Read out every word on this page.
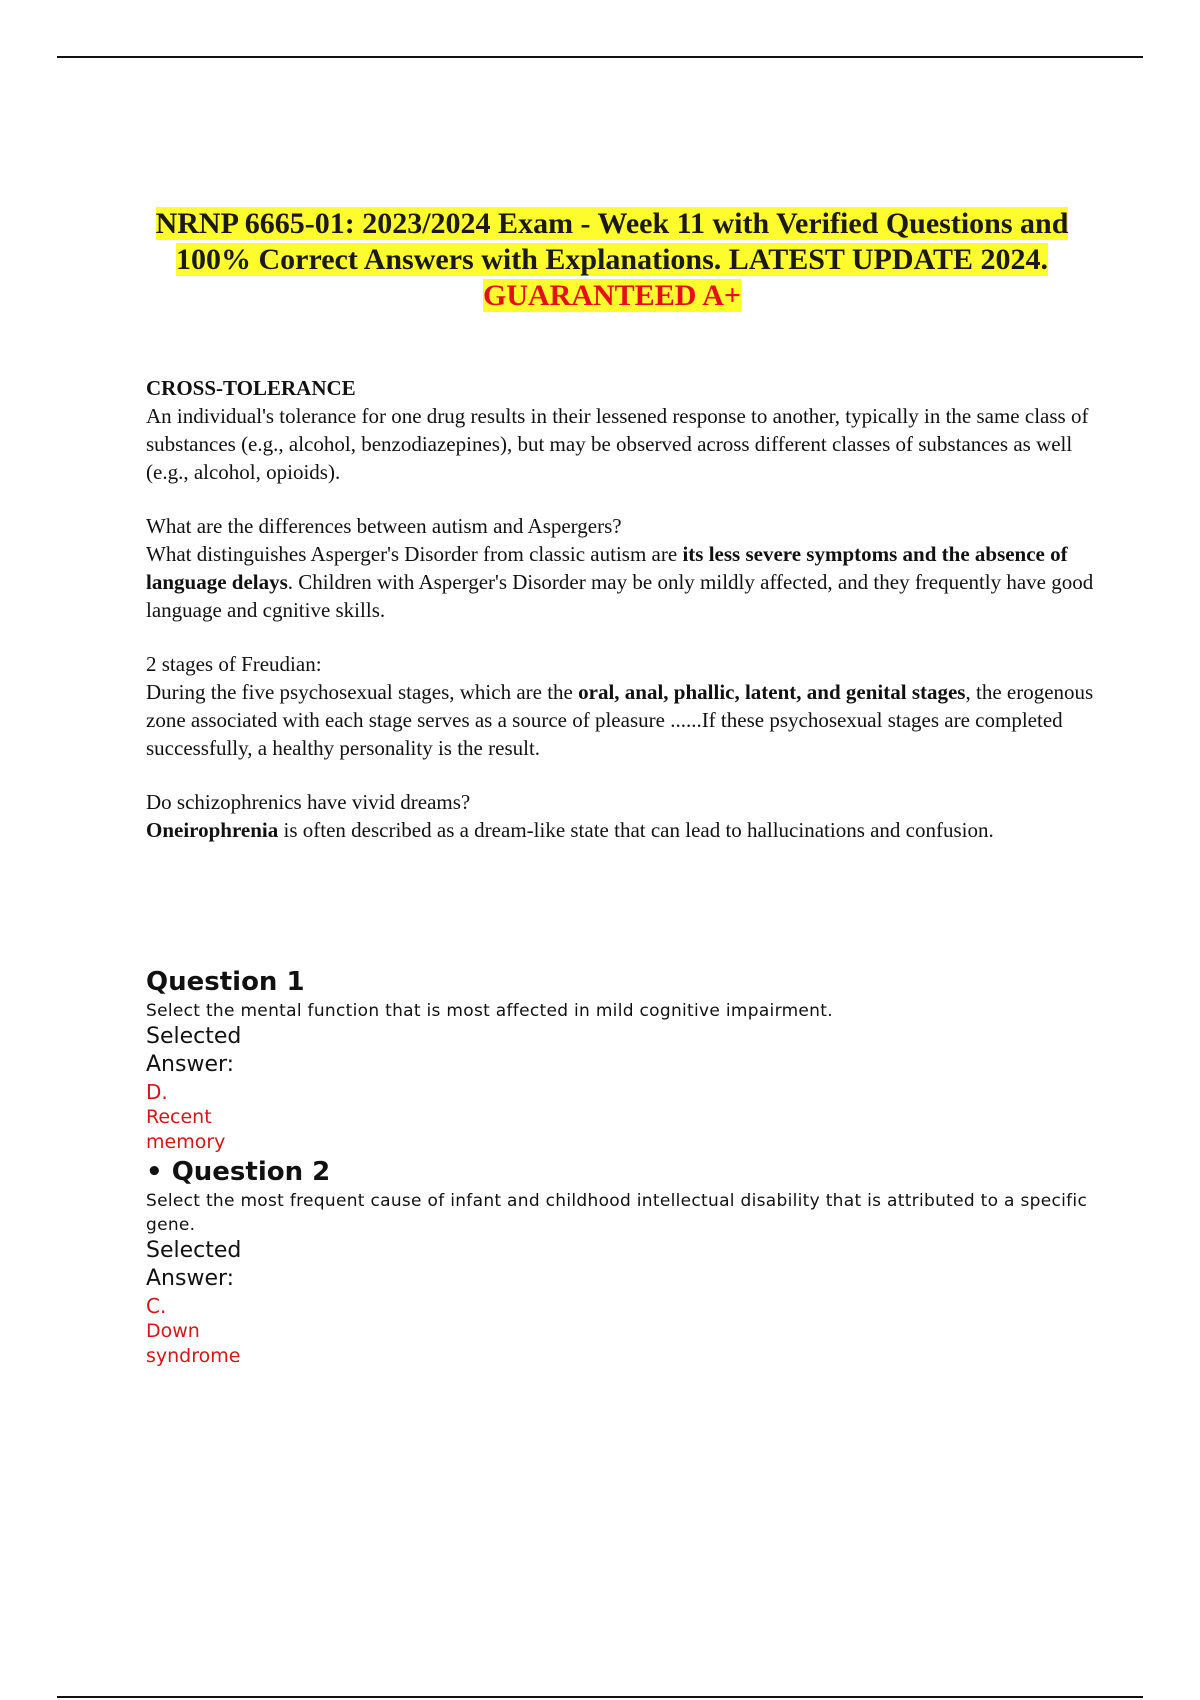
NRNP 6665-01: 2023/2024 Exam - Week 11 with Verified Questions and 100% Correct Answers with Explanations. LATEST UPDATE 2024. GUARANTEED A+

CROSS-TOLERANCE

An individual's tolerance for one drug results in their lessened response to another, typically in the same class of substances (e.g., alcohol, benzodiazepines), but may be observed across different classes of substances as well (e.g., alcohol, opioids).

What are the differences between autism and Aspergers?

What distinguishes Asperger's Disorder from classic autism are its less severe symptoms and the absence of language delays. Children with Asperger's Disorder may be only mildly affected, and they frequently have good language and cgnitive skills.

2 stages of Freudian:

During the five psychosexual stages, which are the oral, anal, phallic, latent, and genital stages, the erogenous zone associated with each stage serves as a source of pleasure ......If these psychosexual stages are completed successfully, a healthy personality is the result.

Do schizophrenics have vivid dreams?

Oneirophrenia is often described as a dream-like state that can lead to hallucinations and confusion.

Question 1

Select the mental function that is most affected in mild cognitive impairment.

Selected

Answer:

D.

Recent

memory

• Question 2

Select the most frequent cause of infant and childhood intellectual disability that is attributed to a specific gene.

Selected

Answer:

C.

Down

syndrome
